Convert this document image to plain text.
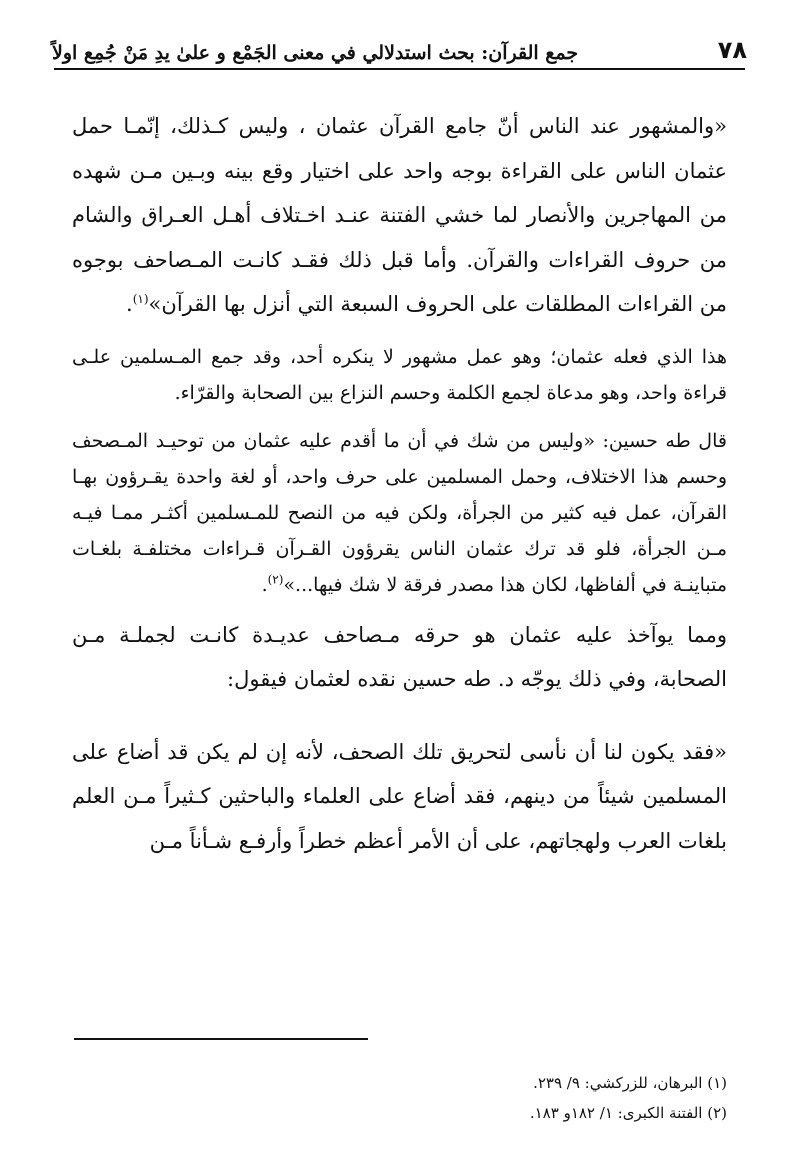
٧٨
جمع القرآن: بحث استدلالي في معنى الجَمْع و علىٰ يدِ مَنْ جُمِع اولاً

«والمشهور عند الناس أنّ جامع القرآن عثمان ، وليس كـذلك، إنّمـا حمل عثمان الناس على القراءة بوجه واحد على اختيار وقع بينه وبـين مـن شهده من المهاجرين والأنصار لما خشي الفتنة عنـد اخـتلاف أهـل العـراق والشام من حروف القراءات والقرآن. وأما قبل ذلك فقـد كانـت المـصاحف بوجوه من القراءات المطلقات على الحروف السبعة التي أنزل بها القرآن»$^{(١)}$.

هذا الذي فعله عثمان؛ وهو عمل مشهور لا ينكره أحد، وقد جمع المـسلمين علـى قراءة واحد، وهو مدعاة لجمع الكلمة وحسم النزاع بين الصحابة والقرّاء.

قال طه حسين: «وليس من شك في أن ما أقدم عليه عثمان من توحيـد المـصحف وحسم هذا الاختلاف، وحمل المسلمين على حرف واحد، أو لغة واحدة يقـرؤون بهـا القرآن، عمل فيه كثير من الجرأة، ولكن فيه من النصح للمـسلمين أكثـر ممـا فيـه مـن الجرأة، فلو قد ترك عثمان الناس يقرؤون القـرآن قـراءات مختلفـة بلغـات متباينـة في ألفاظها، لكان هذا مصدر فرقة لا شك فيها...»$^{(٢)}$.

ومما يوآخذ عليه عثمان هو حرقه مـصاحف عديـدة كانـت لجملـة مـن الصحابة، وفي ذلك يوجّه د. طه حسين نقده لعثمان فيقول:

«فقد يكون لنا أن نأسى لتحريق تلك الصحف، لأنه إن لم يكن قد أضاع على المسلمين شيئاً من دينهم، فقد أضاع على العلماء والباحثين كـثيراً مـن العلم بلغات العرب ولهجاتهم، على أن الأمر أعظم خطراً وأرفـع شـأناً مـن

(١) البرهان، للزركشي: ٩/ ٢٣٩.

(٢) الفتنة الكبرى: ١/ ١٨٢و ١٨٣.
